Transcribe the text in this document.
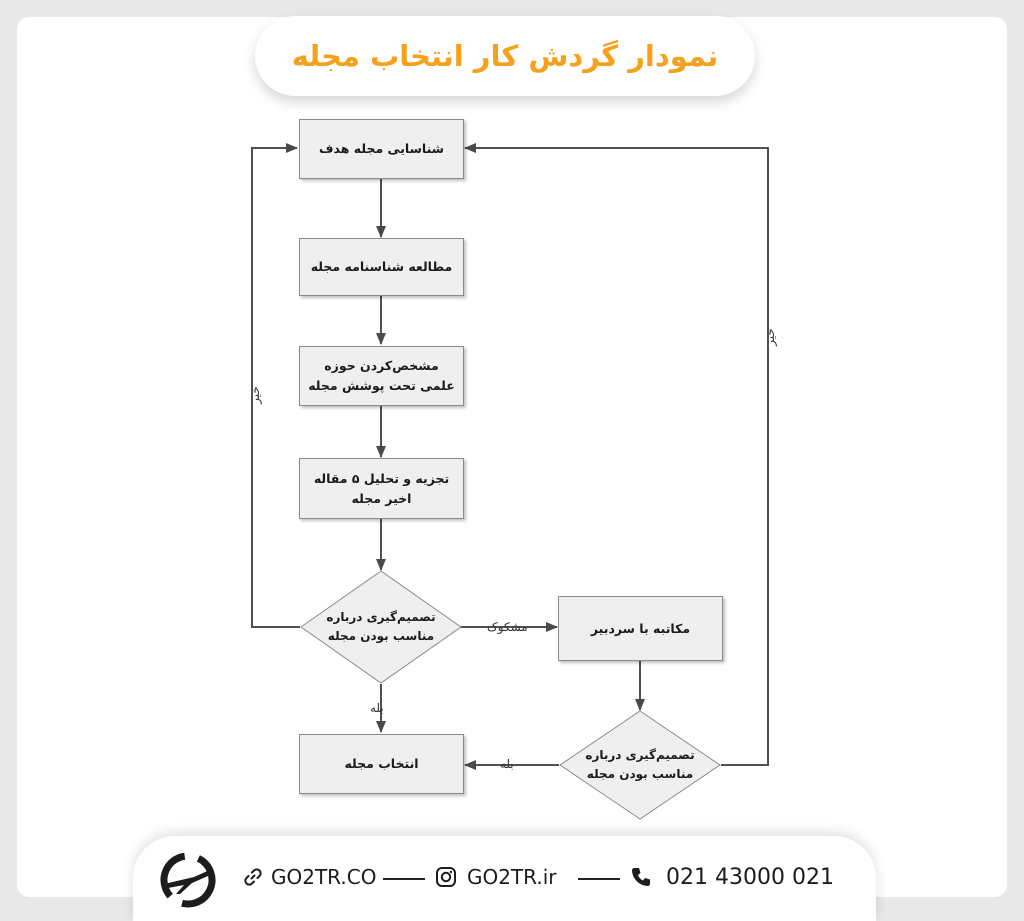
نمودار گردش کار انتخاب مجله
شناسایی مجله هدف
مطالعه شناسنامه مجله
مشخص‌کردن حوزه
علمی تحت پوشش مجله
تجزیه و تحلیل ۵ مقاله
اخیر مجله
مکاتبه با سردبیر
انتخاب مجله
تصمیم‌گیری درباره
مناسب بودن مجله
تصمیم‌گیری درباره
مناسب بودن مجله
خیر
خیر
مشکوک
بله
بله
GO2TR.CO	GO2TR.ir	021 43000 021
